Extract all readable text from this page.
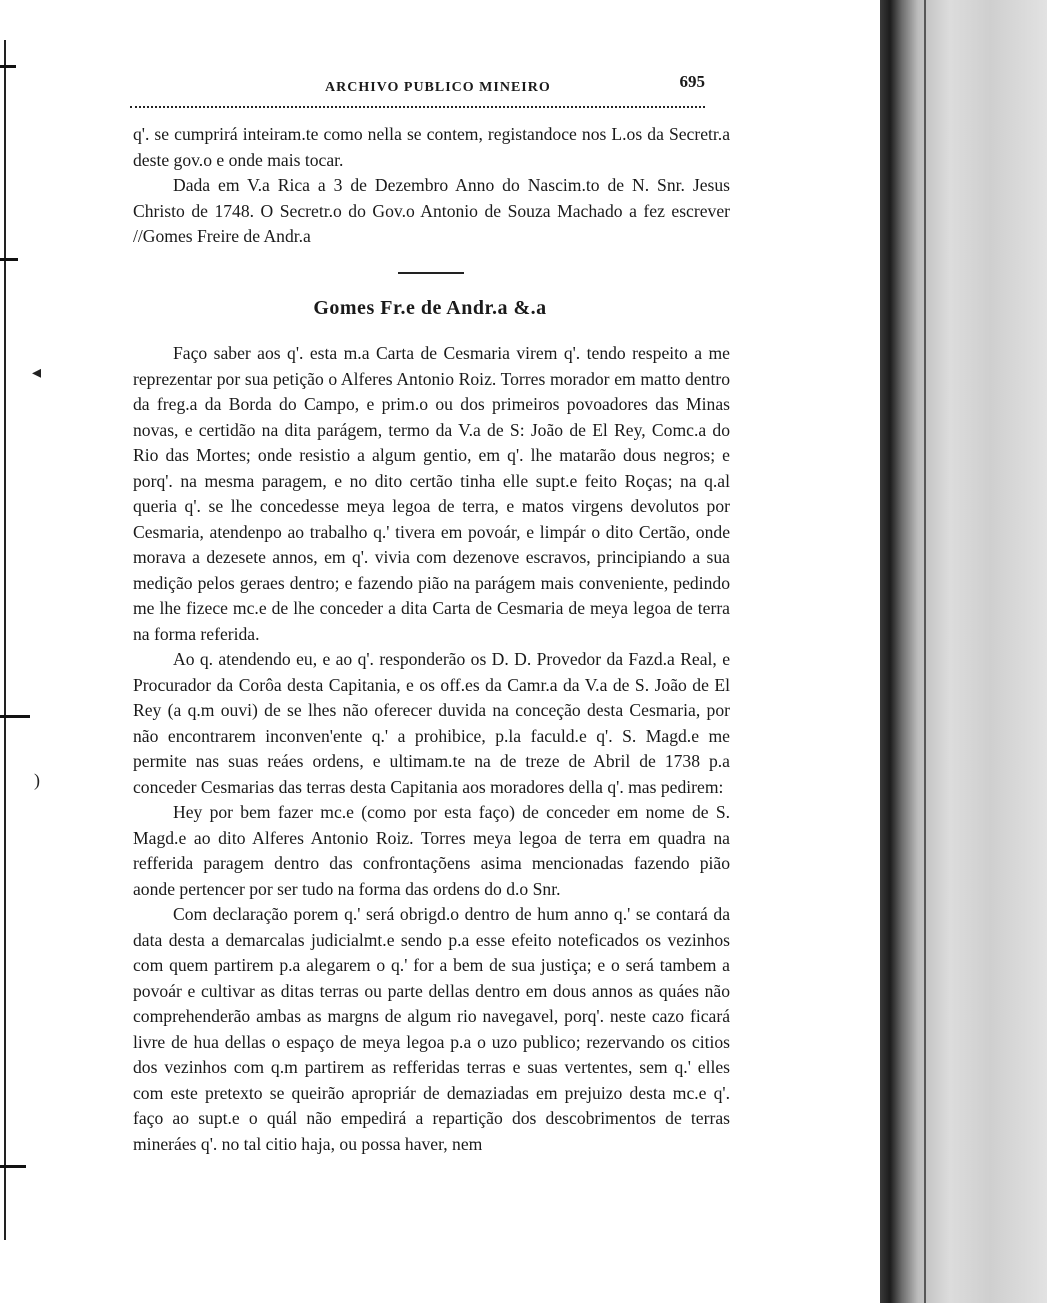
◂
)
ARCHIVO PUBLICO MINEIRO	695

q'. se cumprirá inteiram.te como nella se contem, registandoce nos L.os da Secretr.a deste gov.o e onde mais tocar.

Dada em V.a Rica a 3 de Dezembro Anno do Nascim.to de N. Snr. Jesus Christo de 1748. O Secretr.o do Gov.o Antonio de Souza Machado a fez escrever //Gomes Freire de Andr.a

Gomes Fr.e de Andr.a &.a

Faço saber aos q'. esta m.a Carta de Cesmaria virem q'. tendo respeito a me reprezentar por sua petição o Alferes Antonio Roiz. Torres morador em matto dentro da freg.a da Borda do Campo, e prim.o ou dos primeiros povoadores das Minas novas, e certidão na dita parágem, termo da V.a de S: João de El Rey, Comc.a do Rio das Mortes; onde resistio a algum gentio, em q'. lhe matarão dous negros; e porq'. na mesma paragem, e no dito certão tinha elle supt.e feito Roças; na q.al queria q'. se lhe concedesse meya legoa de terra, e matos virgens devolutos por Cesmaria, atendenpo ao trabalho q.' tivera em povoár, e limpár o dito Certão, onde morava a dezesete annos, em q'. vivia com dezenove escravos, principiando a sua medição pelos geraes dentro; e fazendo pião na parágem mais conveniente, pedindo me lhe fizece mc.e de lhe conceder a dita Carta de Cesmaria de meya legoa de terra na forma referida.

Ao q. atendendo eu, e ao q'. responderão os D. D. Provedor da Fazd.a Real, e Procurador da Corôa desta Capitania, e os off.es da Camr.a da V.a de S. João de El Rey (a q.m ouvi) de se lhes não oferecer duvida na conceção desta Cesmaria, por não encontrarem inconven'ente q.' a prohibice, p.la faculd.e q'. S. Magd.e me permite nas suas reáes ordens, e ultimam.te na de treze de Abril de 1738 p.a conceder Cesmarias das terras desta Capitania aos moradores della q'. mas pedirem:

Hey por bem fazer mc.e (como por esta faço) de conceder em nome de S. Magd.e ao dito Alferes Antonio Roiz. Torres meya legoa de terra em quadra na refferida paragem dentro das confrontaçõens asima mencionadas fazendo pião aonde pertencer por ser tudo na forma das ordens do d.o Snr.

Com declaração porem q.' será obrigd.o dentro de hum anno q.' se contará da data desta a demarcalas judicialmt.e sendo p.a esse efeito noteficados os vezinhos com quem partirem p.a alegarem o q.' for a bem de sua justiça; e o será tambem a povoár e cultivar as ditas terras ou parte dellas dentro em dous annos as quáes não comprehenderão ambas as margns de algum rio navegavel, porq'. neste cazo ficará livre de hua dellas o espaço de meya legoa p.a o uzo publico; rezervando os citios dos vezinhos com q.m partirem as refferidas terras e suas vertentes, sem q.' elles com este pretexto se queirão apropriár de demaziadas em prejuizo desta mc.e q'. faço ao supt.e o quál não empedirá a repartição dos descobrimentos de terras mineráes q'. no tal citio haja, ou possa haver, nem
